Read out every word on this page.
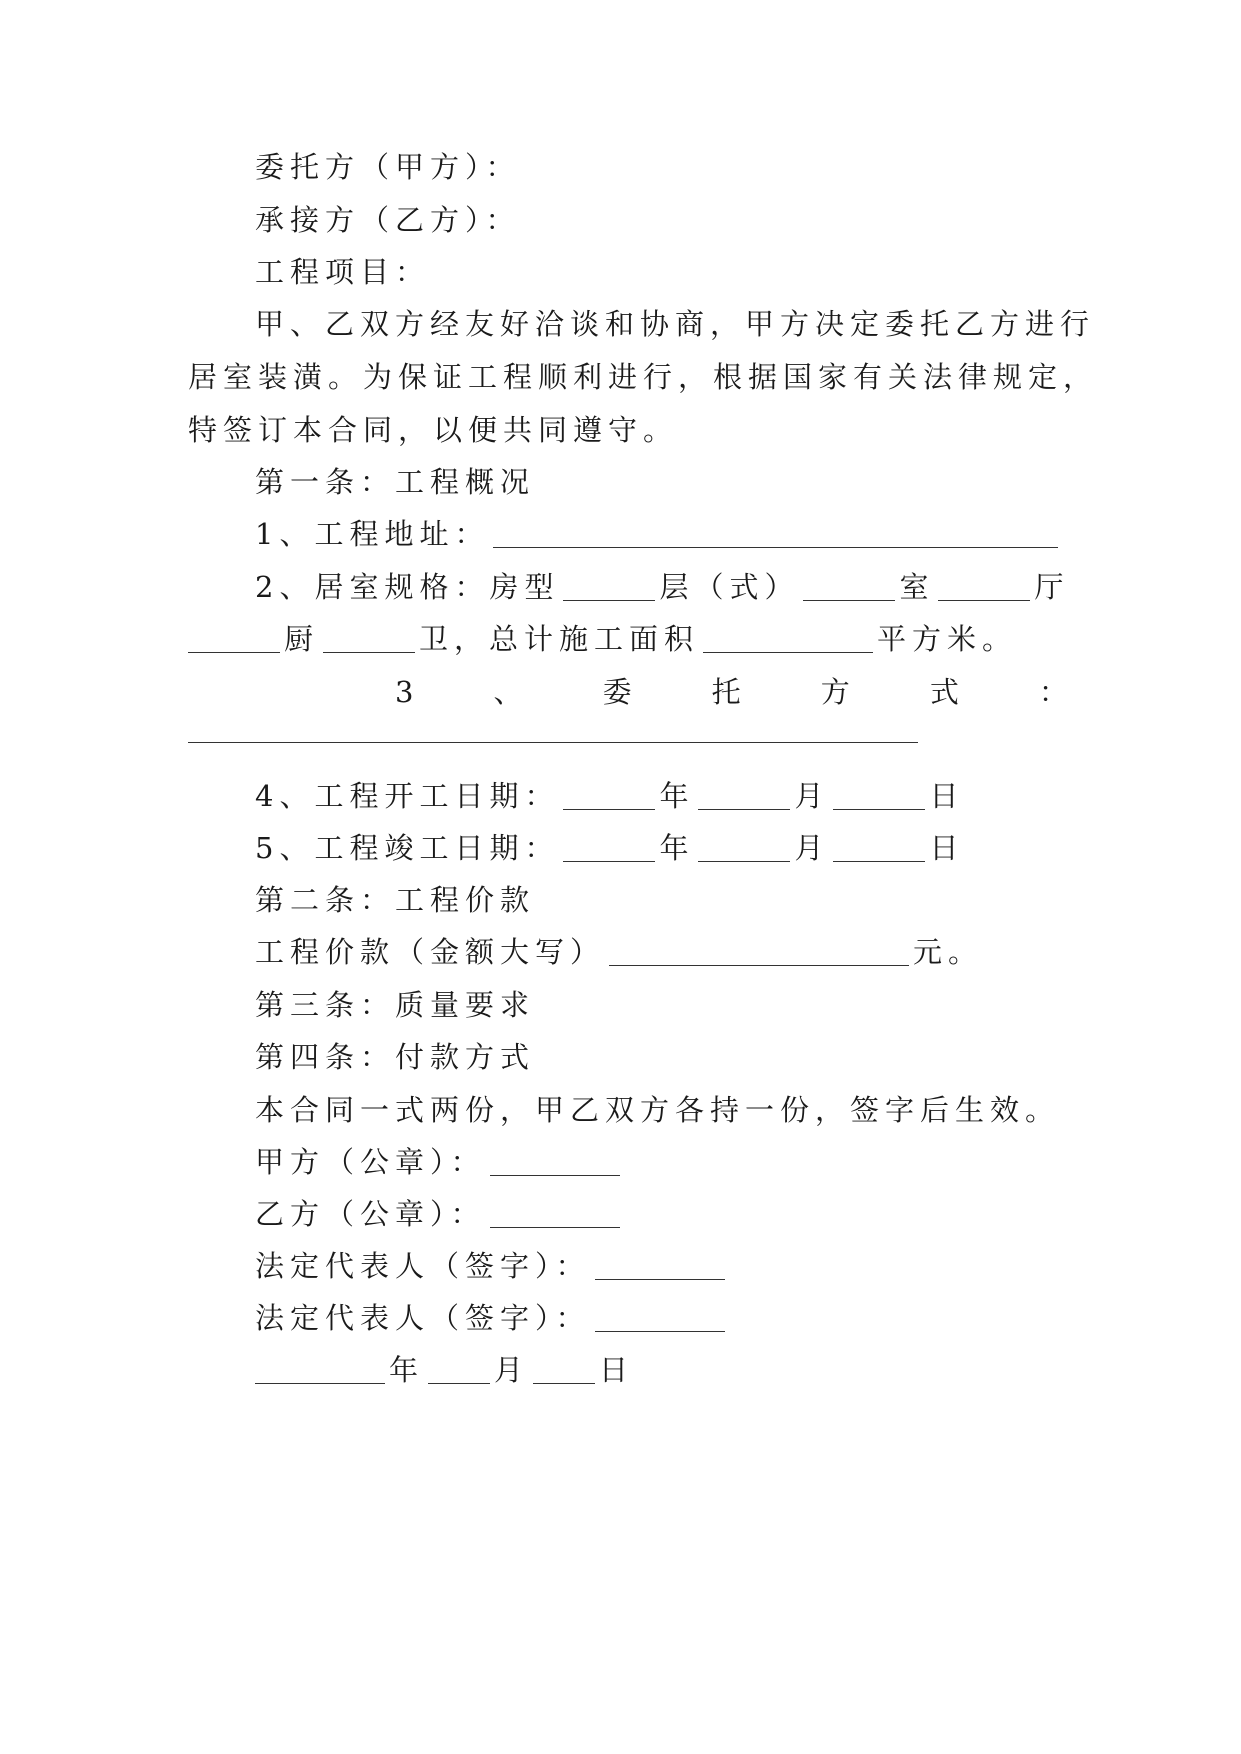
委托方（甲方）：
承接方（乙方）：
工程项目：
甲、乙双方经友好洽谈和协商，甲方决定委托乙方进行
居室装潢。为保证工程顺利进行，根据国家有关法律规定，
特签订本合同，以便共同遵守。
第一条：工程概况
1、工程地址：
2、居室规格：房型	层（式）	室	厅
厨	卫，总计施工面积	平方米。
3	、	委	托	方	式	：
4、工程开工日期：	年	月	日
5、工程竣工日期：	年	月	日
第二条：工程价款
工程价款（金额大写）	元。
第三条：质量要求
第四条：付款方式
本合同一式两份，甲乙双方各持一份，签字后生效。
甲方（公章）：
乙方（公章）：
法定代表人（签字）：
法定代表人（签字）：
年 月 日
